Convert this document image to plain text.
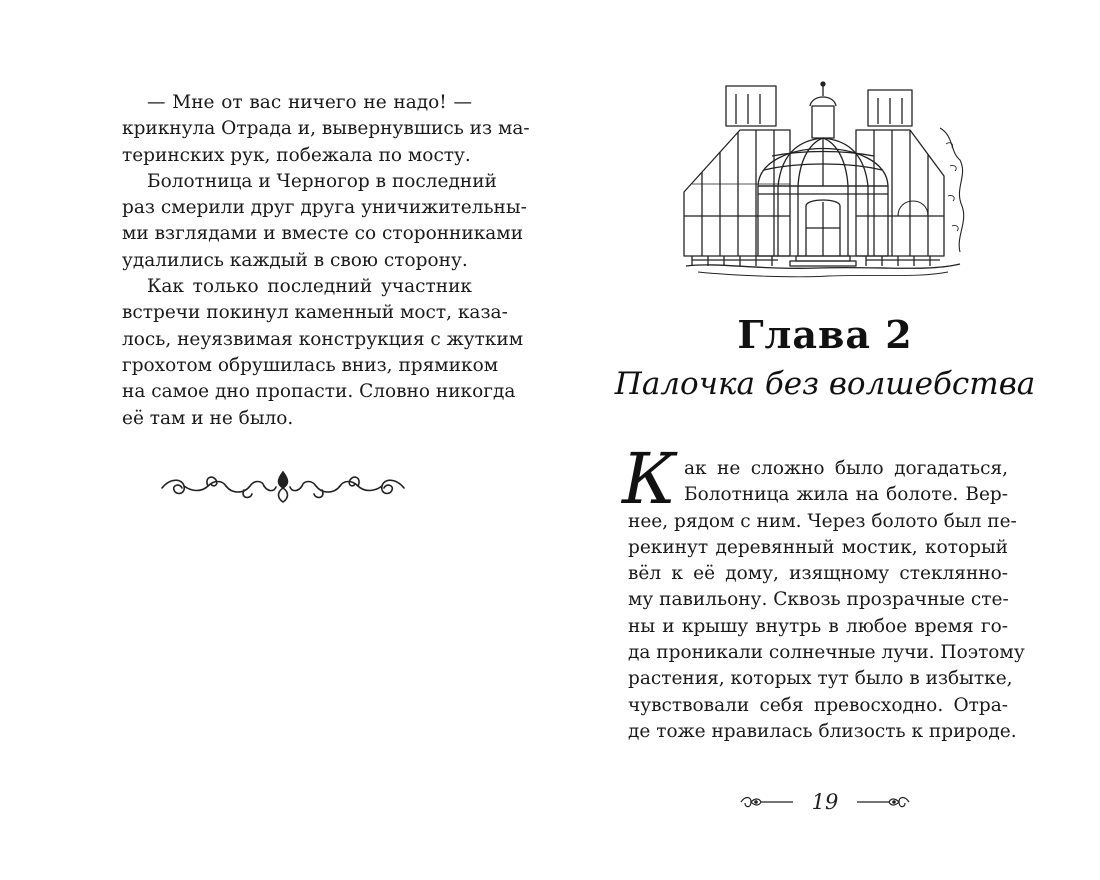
— Мне от вас ничего не надо! —
крикнула Отрада и, вывернувшись из ма-
теринских рук, побежала по мосту.
Болотница и Черногор в последний
раз смерили друг друга уничижительны-
ми взглядами и вместе со сторонниками
удалились каждый в свою сторону.
Как только последний участник
встречи покинул каменный мост, каза-
лось, неуязвимая конструкция с жутким
грохотом обрушилась вниз, прямиком
на самое дно пропасти. Словно никогда
её там и не было.
Глава 2
Палочка без волшебства
К ак не сложно было догадаться,
Болотница жила на болоте. Вер-
нее, рядом с ним. Через болото был пе-
рекинут деревянный мостик, который
вёл к её дому, изящному стеклянно-
му павильону. Сквозь прозрачные сте-
ны и крышу внутрь в любое время го-
да проникали солнечные лучи. Поэтому
растения, которых тут было в избытке,
чувствовали себя превосходно. Отра-
де тоже нравилась близость к природе.
19
